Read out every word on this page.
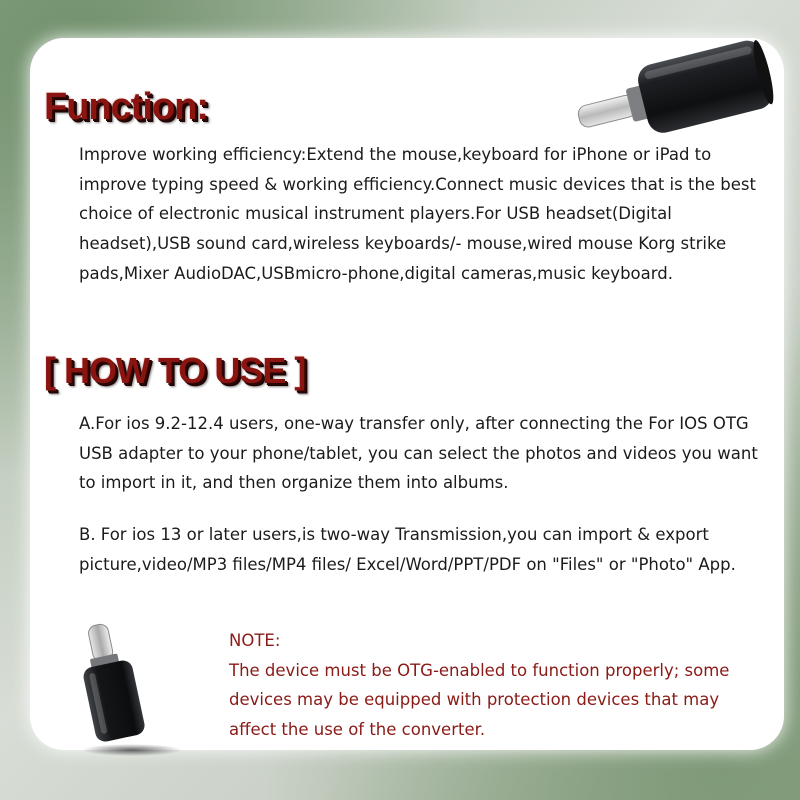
Function:

Improve working efficiency:Extend the mouse,keyboard for iPhone or iPad to improve typing speed & working efficiency.Connect music devices that is the best choice of electronic musical instrument players.For USB headset(Digital headset),USB sound card,wireless keyboards/- mouse,wired mouse Korg strike pads,Mixer AudioDAC,USBmicro-phone,digital cameras,music keyboard.

[ HOW TO USE ]

A.For ios 9.2-12.4 users, one-way transfer only, after connecting the For IOS OTG USB adapter to your phone/tablet, you can select the photos and videos you want to import in it, and then organize them into albums.

B. For ios 13 or later users,is two-way Transmission,you can import & export picture,video/MP3 files/MP4 files/ Excel/Word/PPT/PDF on "Files" or "Photo" App.

NOTE:
The device must be OTG-enabled to function properly; some devices may be equipped with protection devices that may affect the use of the converter.
